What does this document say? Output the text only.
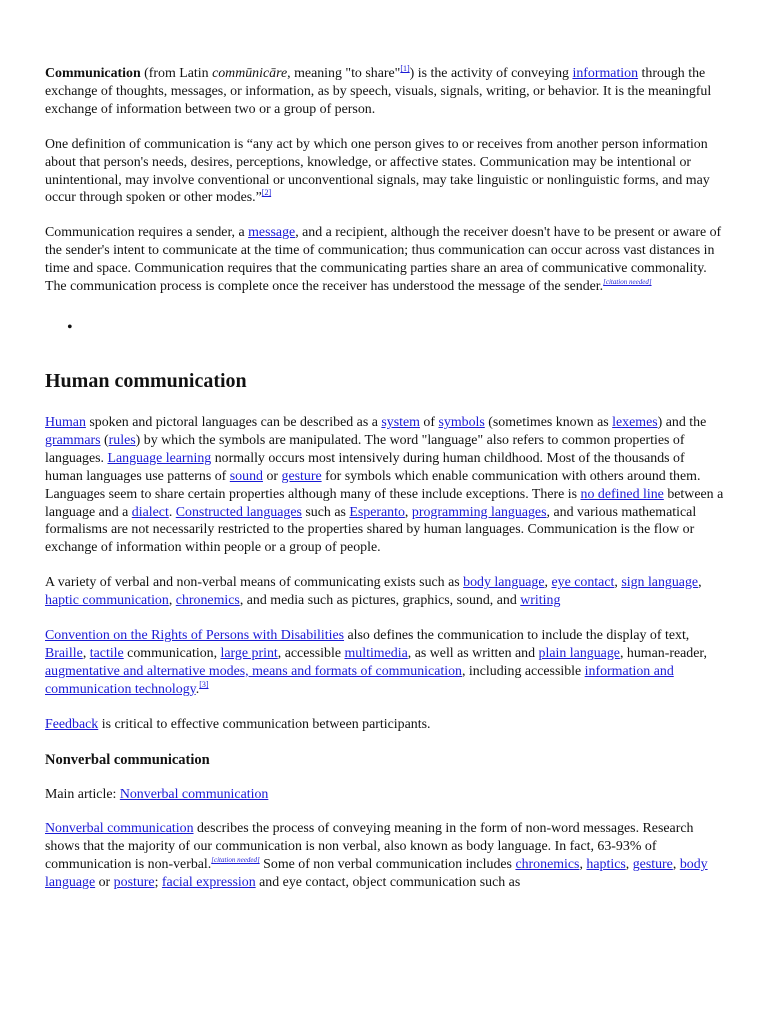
Communication (from Latin commūnicāre, meaning "to share"[1]) is the activity of conveying information through the exchange of thoughts, messages, or information, as by speech, visuals, signals, writing, or behavior. It is the meaningful exchange of information between two or a group of person.

One definition of communication is “any act by which one person gives to or receives from another person information about that person's needs, desires, perceptions, knowledge, or affective states. Communication may be intentional or unintentional, may involve conventional or unconventional signals, may take linguistic or nonlinguistic forms, and may occur through spoken or other modes.”[2]

Communication requires a sender, a message, and a recipient, although the receiver doesn't have to be present or aware of the sender's intent to communicate at the time of communication; thus communication can occur across vast distances in time and space. Communication requires that the communicating parties share an area of communicative commonality. The communication process is complete once the receiver has understood the message of the sender.[citation needed]

•
Human communication

Human spoken and pictoral languages can be described as a system of symbols (sometimes known as lexemes) and the grammars (rules) by which the symbols are manipulated. The word "language" also refers to common properties of languages. Language learning normally occurs most intensively during human childhood. Most of the thousands of human languages use patterns of sound or gesture for symbols which enable communication with others around them. Languages seem to share certain properties although many of these include exceptions. There is no defined line between a language and a dialect. Constructed languages such as Esperanto, programming languages, and various mathematical formalisms are not necessarily restricted to the properties shared by human languages. Communication is the flow or exchange of information within people or a group of people.

A variety of verbal and non-verbal means of communicating exists such as body language, eye contact, sign language, haptic communication, chronemics, and media such as pictures, graphics, sound, and writing

Convention on the Rights of Persons with Disabilities also defines the communication to include the display of text, Braille, tactile communication, large print, accessible multimedia, as well as written and plain language, human-reader, augmentative and alternative modes, means and formats of communication, including accessible information and communication technology.[3]

Feedback is critical to effective communication between participants.

Nonverbal communication

Main article: Nonverbal communication

Nonverbal communication describes the process of conveying meaning in the form of non-word messages. Research shows that the majority of our communication is non verbal, also known as body language. In fact, 63-93% of communication is non-verbal.[citation needed] Some of non verbal communication includes chronemics, haptics, gesture, body language or posture; facial expression and eye contact, object communication such as
